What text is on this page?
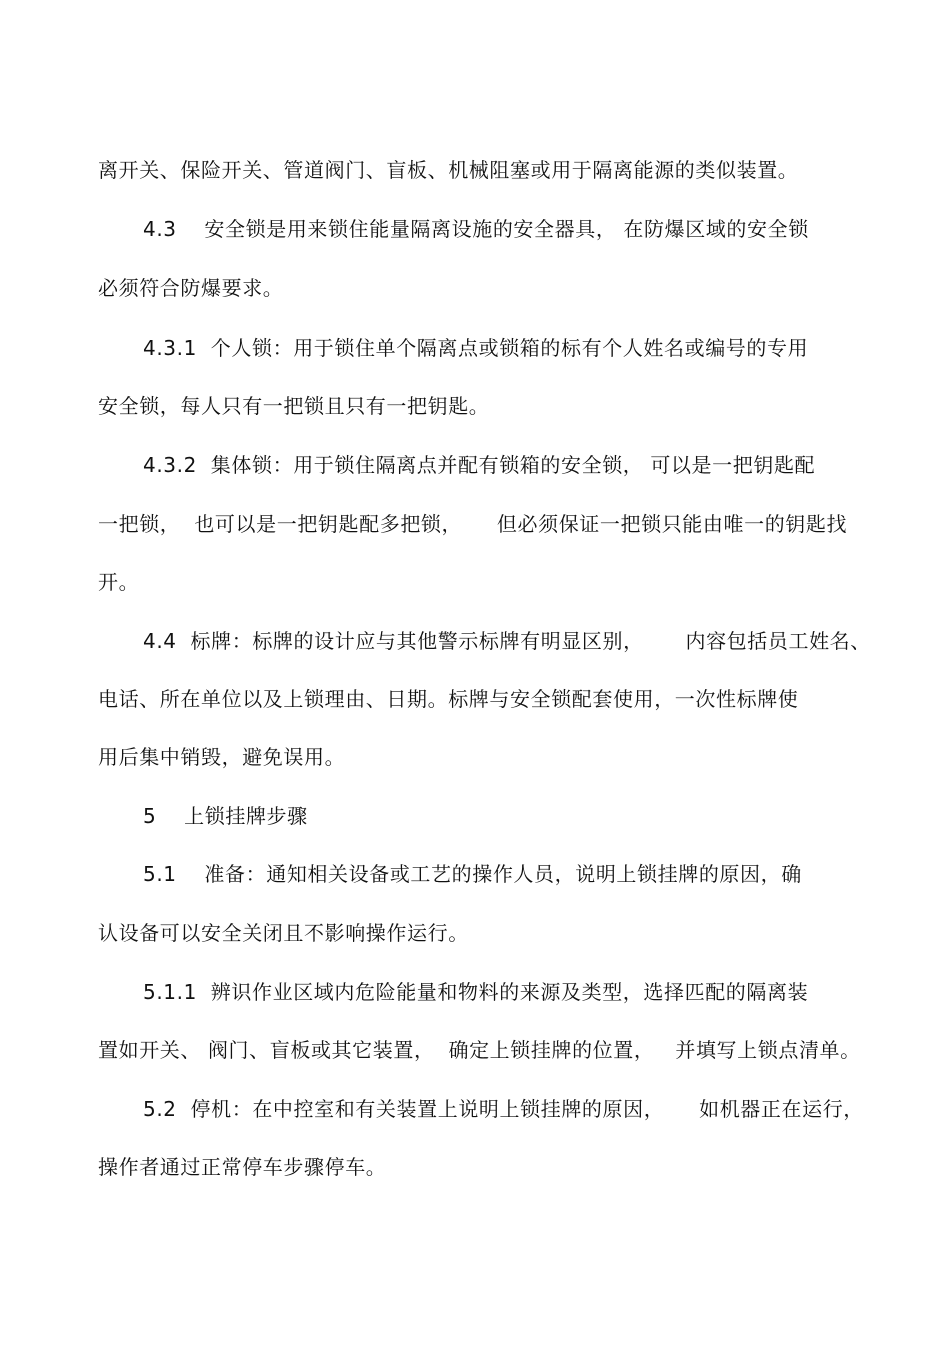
离开关、保险开关、管道阀门、盲板、机械阻塞或用于隔离能源的类似装置。
4.3    安全锁是用来锁住能量隔离设施的安全器具， 在防爆区域的安全锁
必须符合防爆要求。
4.3.1  个人锁：用于锁住单个隔离点或锁箱的标有个人姓名或编号的专用
安全锁，每人只有一把锁且只有一把钥匙。
4.3.2  集体锁：用于锁住隔离点并配有锁箱的安全锁， 可以是一把钥匙配
一把锁，  也可以是一把钥匙配多把锁，     但必须保证一把锁只能由唯一的钥匙找
开。
4.4  标牌：标牌的设计应与其他警示标牌有明显区别，      内容包括员工姓名、
电话、所在单位以及上锁理由、日期。标牌与安全锁配套使用，一次性标牌使
用后集中销毁，避免误用。
5    上锁挂牌步骤
5.1    准备：通知相关设备或工艺的操作人员，说明上锁挂牌的原因，确
认设备可以安全关闭且不影响操作运行。
5.1.1  辨识作业区域内危险能量和物料的来源及类型，选择匹配的隔离装
置如开关、 阀门、盲板或其它装置，  确定上锁挂牌的位置，   并填写上锁点清单。
5.2  停机：在中控室和有关装置上说明上锁挂牌的原因，     如机器正在运行，
操作者通过正常停车步骤停车。
